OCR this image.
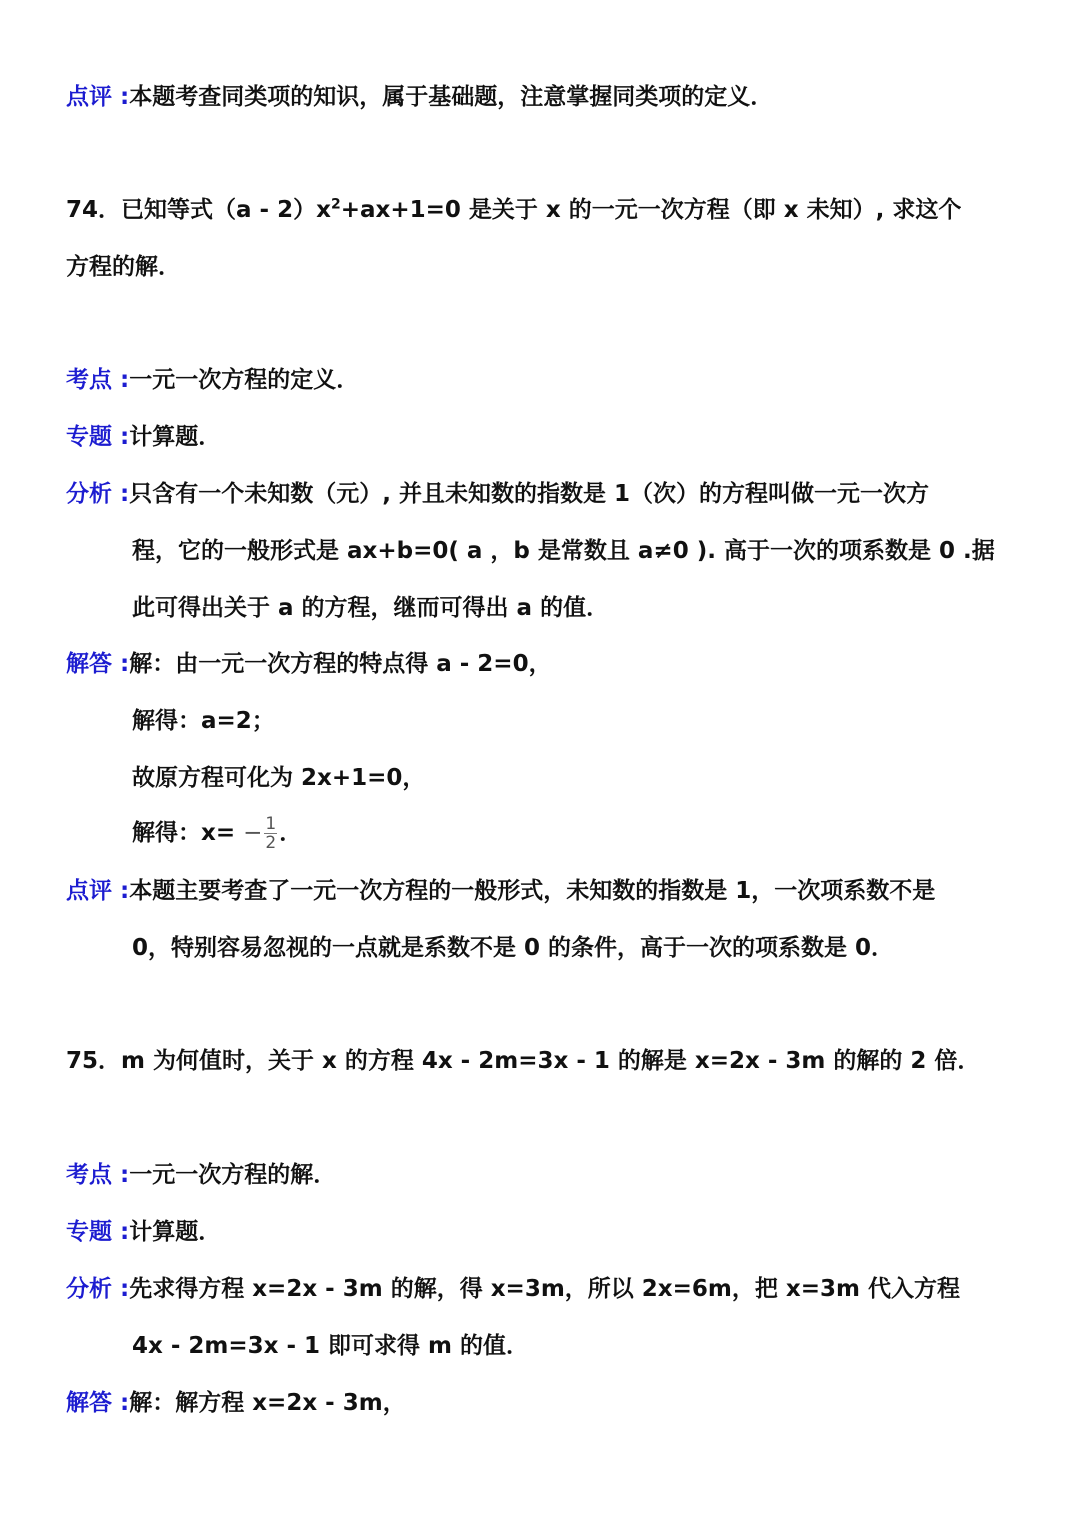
点评 :本题考查同类项的知识，属于基础题，注意掌握同类项的定义．
74．已知等式$(a - 2)x^2+ax+1=0$ 是关于 x 的一元一次方程（即 x 未知）, 求这个
方程的解．
考点 :一元一次方程的定义．
专题 :计算题．
分析 :只含有一个未知数（元）, 并且未知数的指数是 1（次）的方程叫做一元一次方
程，它的一般形式是 ax+b=0( a ，b 是常数且 a≠0 ). 高于一次的项系数是 0 .据
此可得出关于 a 的方程，继而可得出 a 的值．
解答 :解：由一元一次方程的特点得 a - 2=0，
解得：a=2；
故原方程可化为 2x+1=0，
解得：$x= - \frac{1}{2}$ ．
点评 :本题主要考查了一元一次方程的一般形式，未知数的指数是 1，一次项系数不是
0，特别容易忽视的一点就是系数不是 0 的条件，高于一次的项系数是 0．
75．m 为何值时，关于 x 的方程 4x - 2m=3x - 1 的解是 x=2x - 3m 的解的 2 倍．
考点 :一元一次方程的解．
专题 :计算题．
分析 :先求得方程 x=2x - 3m 的解，得 x=3m，所以 2x=6m，把 x=3m 代入方程
4x - 2m=3x - 1 即可求得 m 的值．
解答 :解：解方程 x=2x - 3m，
